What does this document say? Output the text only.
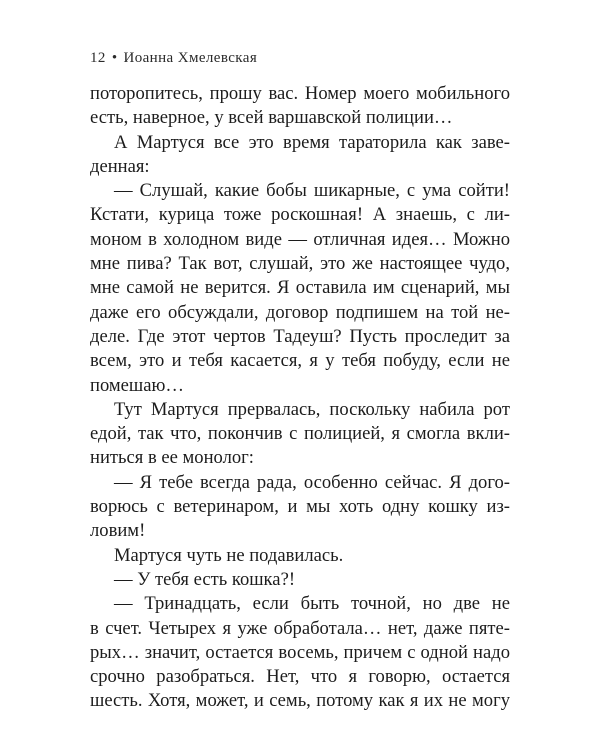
12 • Иоанна Хмелевская
поторопитесь, прошу вас. Номер моего мобильного
есть, наверное, у всей варшавской полиции…
А Мартуся все это время тараторила как заве-
денная:
— Слушай, какие бобы шикарные, с ума сойти!
Кстати, курица тоже роскошная! А знаешь, с ли-
моном в холодном виде — отличная идея… Можно
мне пива? Так вот, слушай, это же настоящее чудо,
мне самой не верится. Я оставила им сценарий, мы
даже его обсуждали, договор подпишем на той не-
деле. Где этот чертов Тадеуш? Пусть проследит за
всем, это и тебя касается, я у тебя побуду, если не
помешаю…
Тут Мартуся прервалась, поскольку набила рот
едой, так что, покончив с полицией, я смогла вкли-
ниться в ее монолог:
— Я тебе всегда рада, особенно сейчас. Я дого-
ворюсь с ветеринаром, и мы хоть одну кошку из-
ловим!
Мартуся чуть не подавилась.
— У тебя есть кошка?!
— Тринадцать, если быть точной, но две не
в счет. Четырех я уже обработала… нет, даже пяте-
рых… значит, остается восемь, причем с одной надо
срочно разобраться. Нет, что я говорю, остается
шесть. Хотя, может, и семь, потому как я их не могу
